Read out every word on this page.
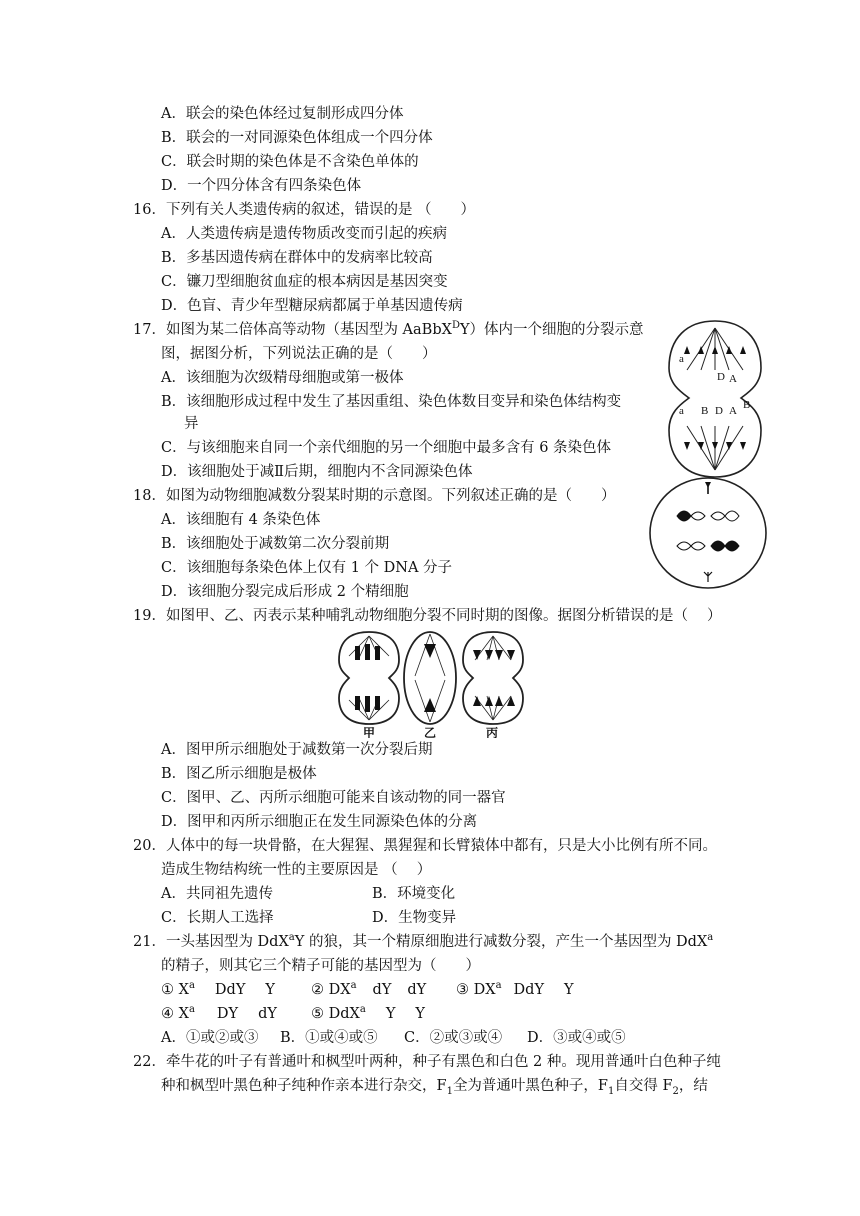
A．联会的染色体经过复制形成四分体
B．联会的一对同源染色体组成一个四分体
C．联会时期的染色体是不含染色单体的
D．一个四分体含有四条染色体
16．下列有关人类遗传病的叙述，错误的是 （　　）
A．人类遗传病是遗传物质改变而引起的疾病
B．多基因遗传病在群体中的发病率比较高
C．镰刀型细胞贫血症的根本病因是基因突变
D．色盲、青少年型糖尿病都属于单基因遗传病
17．如图为某二倍体高等动物（基因型为 AaBbX$^D$Y）体内一个细胞的分裂示意
图，据图分析，下列说法正确的是（　　）
A．该细胞为次级精母细胞或第一极体
B．该细胞形成过程中发生了基因重组、染色体数目变异和染色体结构变
异
C．与该细胞来自同一个亲代细胞的另一个细胞中最多含有 6 条染色体
D．该细胞处于减Ⅱ后期，细胞内不含同源染色体
a
D A
a B D A B
18．如图为动物细胞减数分裂某时期的示意图。下列叙述正确的是（　　）
A．该细胞有 4 条染色体
B．该细胞处于减数第二次分裂前期
C．该细胞每条染色体上仅有 1 个 DNA 分子
D．该细胞分裂完成后形成 2 个精细胞
19．如图甲、乙、丙表示某种哺乳动物细胞分裂不同时期的图像。据图分析错误的是（　 ）
甲	乙	丙
A．图甲所示细胞处于减数第一次分裂后期
B．图乙所示细胞是极体
C．图甲、乙、丙所示细胞可能来自该动物的同一器官
D．图甲和丙所示细胞正在发生同源染色体的分离
20．人体中的每一块骨骼，在大猩猩、黑猩猩和长臂猿体中都有，只是大小比例有所不同。
造成生物结构统一性的主要原因是 （　 ）
A．共同祖先遗传	B．环境变化
C．长期人工选择	D．生物变异
21．一头基因型为 DdX$^a$Y 的狼，其一个精原细胞进行减数分裂，产生一个基因型为 DdX$^a$
的精子，则其它三个精子可能的基因型为（　　）
① $X^a$ DdY Y ② $DX^a$ dY dY ③ $DX^a$ DdY Y
④ $X^a$ DY dY ⑤ DdX$^a$ Y Y
A．①或②或③ B．①或④或⑤ C．②或③或④ D．③或④或⑤
22．牵牛花的叶子有普通叶和枫型叶两种，种子有黑色和白色 2 种。现用普通叶白色种子纯
种和枫型叶黑色种子纯种作亲本进行杂交，$F_1$全为普通叶黑色种子，$F_1$自交得 $F_2$，结
